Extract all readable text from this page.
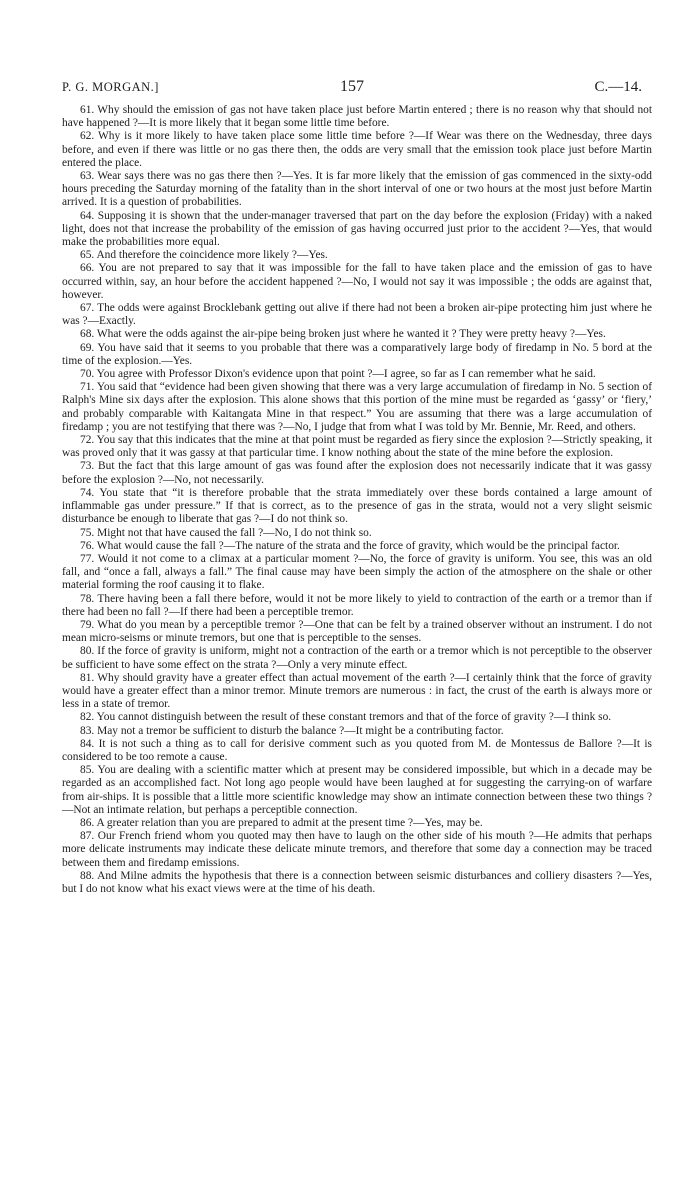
P. G. MORGAN.]	157	C.—14.

61. Why should the emission of gas not have taken place just before Martin entered ; there is no reason why that should not have happened ?—It is more likely that it began some little time before.

62. Why is it more likely to have taken place some little time before ?—If Wear was there on the Wednesday, three days before, and even if there was little or no gas there then, the odds are very small that the emission took place just before Martin entered the place.

63. Wear says there was no gas there then ?—Yes. It is far more likely that the emission of gas commenced in the sixty-odd hours preceding the Saturday morning of the fatality than in the short interval of one or two hours at the most just before Martin arrived. It is a question of probabilities.

64. Supposing it is shown that the under-manager traversed that part on the day before the explosion (Friday) with a naked light, does not that increase the probability of the emission of gas having occurred just prior to the accident ?—Yes, that would make the probabilities more equal.

65. And therefore the coincidence more likely ?—Yes.

66. You are not prepared to say that it was impossible for the fall to have taken place and the emission of gas to have occurred within, say, an hour before the accident happened ?—No, I would not say it was impossible ; the odds are against that, however.

67. The odds were against Brocklebank getting out alive if there had not been a broken air-pipe protecting him just where he was ?—Exactly.

68. What were the odds against the air-pipe being broken just where he wanted it ? They were pretty heavy ?—Yes.

69. You have said that it seems to you probable that there was a comparatively large body of firedamp in No. 5 bord at the time of the explosion.—Yes.

70. You agree with Professor Dixon's evidence upon that point ?—I agree, so far as I can remember what he said.

71. You said that “evidence had been given showing that there was a very large accumulation of firedamp in No. 5 section of Ralph's Mine six days after the explosion. This alone shows that this portion of the mine must be regarded as ‘gassy’ or ‘fiery,’ and probably comparable with Kaitangata Mine in that respect.” You are assuming that there was a large accumulation of firedamp ; you are not testifying that there was ?—No, I judge that from what I was told by Mr. Bennie, Mr. Reed, and others.

72. You say that this indicates that the mine at that point must be regarded as fiery since the explosion ?—Strictly speaking, it was proved only that it was gassy at that particular time. I know nothing about the state of the mine before the explosion.

73. But the fact that this large amount of gas was found after the explosion does not necessarily indicate that it was gassy before the explosion ?—No, not necessarily.

74. You state that “it is therefore probable that the strata immediately over these bords contained a large amount of inflammable gas under pressure.” If that is correct, as to the presence of gas in the strata, would not a very slight seismic disturbance be enough to liberate that gas ?—I do not think so.

75. Might not that have caused the fall ?—No, I do not think so.

76. What would cause the fall ?—The nature of the strata and the force of gravity, which would be the principal factor.

77. Would it not come to a climax at a particular moment ?—No, the force of gravity is uniform. You see, this was an old fall, and “once a fall, always a fall.” The final cause may have been simply the action of the atmosphere on the shale or other material forming the roof causing it to flake.

78. There having been a fall there before, would it not be more likely to yield to contraction of the earth or a tremor than if there had been no fall ?—If there had been a perceptible tremor.

79. What do you mean by a perceptible tremor ?—One that can be felt by a trained observer without an instrument. I do not mean micro-seisms or minute tremors, but one that is perceptible to the senses.

80. If the force of gravity is uniform, might not a contraction of the earth or a tremor which is not perceptible to the observer be sufficient to have some effect on the strata ?—Only a very minute effect.

81. Why should gravity have a greater effect than actual movement of the earth ?—I certainly think that the force of gravity would have a greater effect than a minor tremor. Minute tremors are numerous : in fact, the crust of the earth is always more or less in a state of tremor.

82. You cannot distinguish between the result of these constant tremors and that of the force of gravity ?—I think so.

83. May not a tremor be sufficient to disturb the balance ?—It might be a contributing factor.

84. It is not such a thing as to call for derisive comment such as you quoted from M. de Montessus de Ballore ?—It is considered to be too remote a cause.

85. You are dealing with a scientific matter which at present may be considered impossible, but which in a decade may be regarded as an accomplished fact. Not long ago people would have been laughed at for suggesting the carrying-on of warfare from air-ships. It is possible that a little more scientific knowledge may show an intimate connection between these two things ?—Not an intimate relation, but perhaps a perceptible connection.

86. A greater relation than you are prepared to admit at the present time ?—Yes, may be.

87. Our French friend whom you quoted may then have to laugh on the other side of his mouth ?—He admits that perhaps more delicate instruments may indicate these delicate minute tremors, and therefore that some day a connection may be traced between them and firedamp emissions.

88. And Milne admits the hypothesis that there is a connection between seismic disturbances and colliery disasters ?—Yes, but I do not know what his exact views were at the time of his death.
